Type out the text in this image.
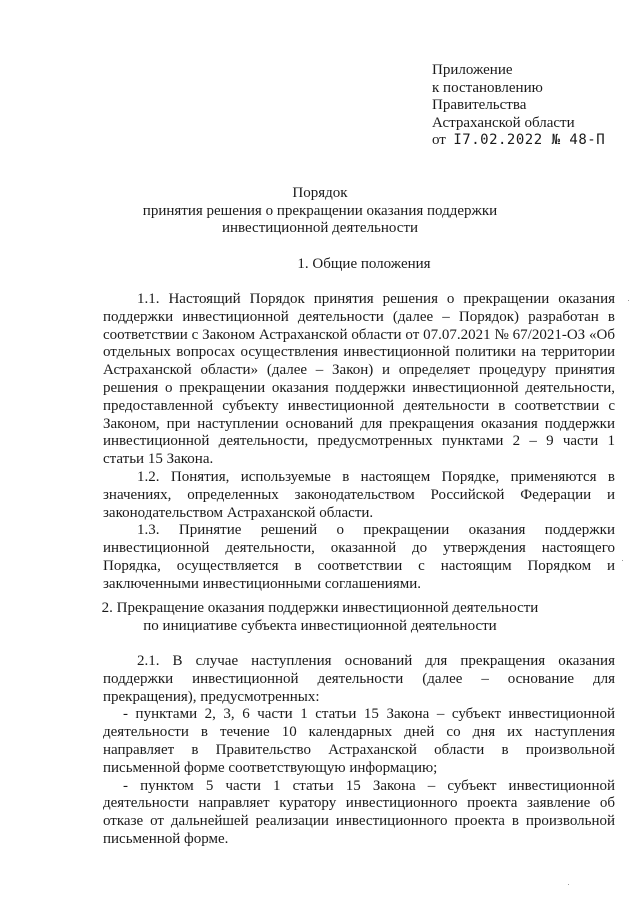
Приложение
к постановлению
Правительства
Астраханской области
от I7.02.2022 № 48-П
Порядок
принятия решения о прекращении оказания поддержки
инвестиционной деятельности
1. Общие положения

1.1. Настоящий Порядок принятия решения о прекращении оказания поддержки инвестиционной деятельности (далее – Порядок) разработан в соответствии с Законом Астраханской области от 07.07.2021 № 67/2021-ОЗ «Об отдельных вопросах осуществления инвестиционной политики на территории Астраханской области» (далее – Закон) и определяет процедуру принятия решения о прекращении оказания поддержки инвестиционной деятельности, предоставленной субъекту инвестиционной деятельности в соответствии с Законом, при наступлении оснований для прекращения оказания поддержки инвестиционной деятельности, предусмотренных пунктами 2 – 9 части 1 статьи 15 Закона.

1.2. Понятия, используемые в настоящем Порядке, применяются в значениях, определенных законодательством Российской Федерации и законодательством Астраханской области.

1.3. Принятие решений о прекращении оказания поддержки инвестиционной деятельности, оказанной до утверждения настоящего Порядка, осуществляется в соответствии с настоящим Порядком и заключенными инвестиционными соглашениями.

2. Прекращение оказания поддержки инвестиционной деятельности
по инициативе субъекта инвестиционной деятельности

2.1. В случае наступления оснований для прекращения оказания поддержки инвестиционной деятельности (далее – основание для прекращения), предусмотренных:

- пунктами 2, 3, 6 части 1 статьи 15 Закона – субъект инвестиционной деятельности в течение 10 календарных дней со дня их наступления направляет в Правительство Астраханской области в произвольной письменной форме соответствующую информацию;

- пунктом 5 части 1 статьи 15 Закона – субъект инвестиционной деятельности направляет куратору инвестиционного проекта заявление об отказе от дальнейшей реализации инвестиционного проекта в произвольной письменной форме.
